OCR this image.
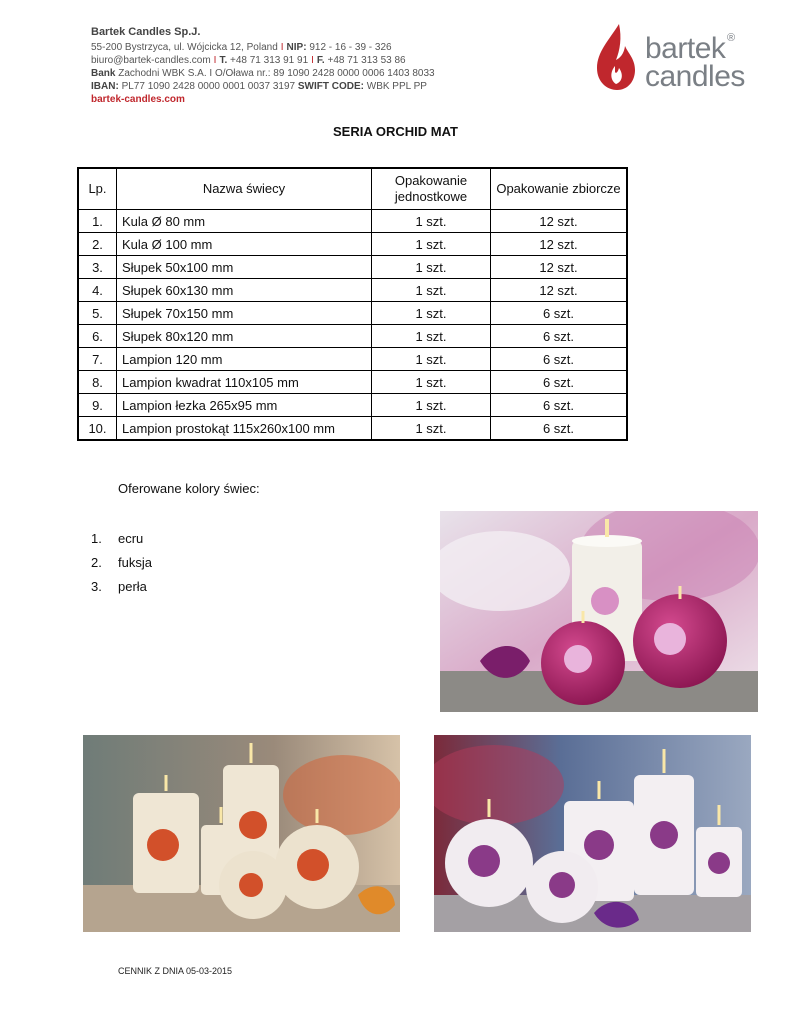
Bartek Candles Sp.J.
55-200 Bystrzyca, ul. Wójcicka 12, Poland I NIP: 912 - 16 - 39 - 326
biuro@bartek-candles.com I T. +48 71 313 91 91 I F. +48 71 313 53 86
Bank Zachodni WBK S.A. I O/Oława nr.: 89 1090 2428 0000 0006 1403 8033
IBAN: PL77 1090 2428 0000 0001 0037 3197 SWIFT CODE: WBK PPL PP
bartek-candles.com
bartek
candles
®
SERIA ORCHID MAT
Lp.	Nazwa świecy	Opakowanie jednostkowe	Opakowanie zbiorcze
1.	Kula Ø 80 mm	1 szt.	12 szt.
2.	Kula Ø 100 mm	1 szt.	12 szt.
3.	Słupek 50x100 mm	1 szt.	12 szt.
4.	Słupek 60x130 mm	1 szt.	12 szt.
5.	Słupek 70x150 mm	1 szt.	6 szt.
6.	Słupek 80x120 mm	1 szt.	6 szt.
7.	Lampion 120 mm	1 szt.	6 szt.
8.	Lampion kwadrat 110x105 mm	1 szt.	6 szt.
9.	Lampion łezka 265x95 mm	1 szt.	6 szt.
10.	Lampion prostokąt 115x260x100 mm	1 szt.	6 szt.
Oferowane kolory świec:
1. ecru
2. fuksja
3. perła
CENNIK Z DNIA 05-03-2015
